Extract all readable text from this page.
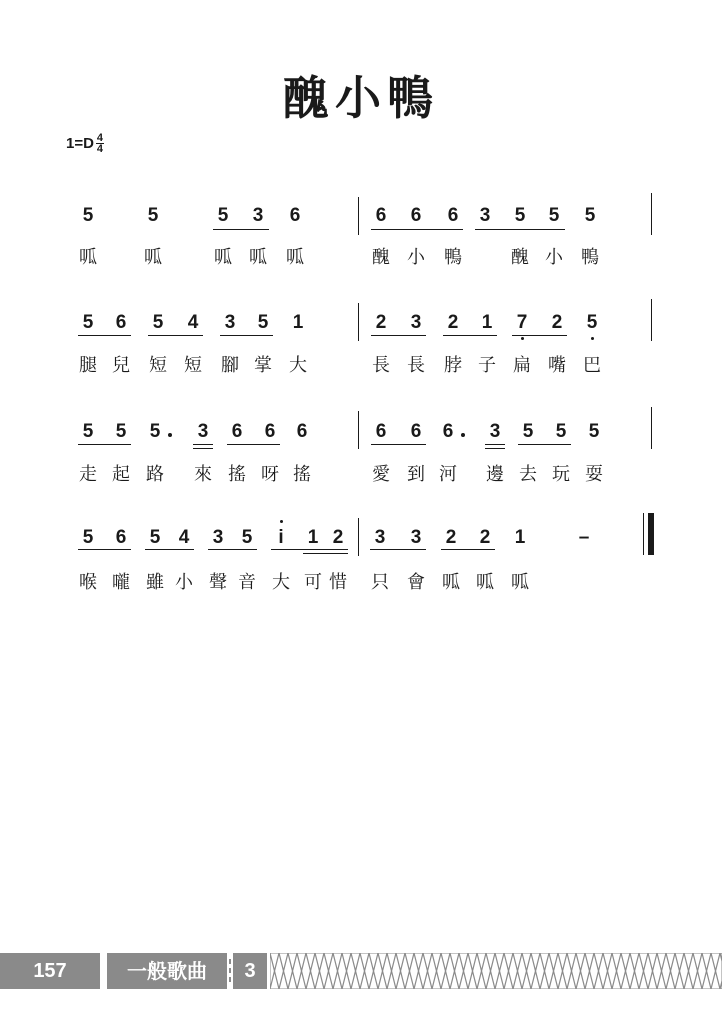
醜小鴨
$1=D \frac{4}{4}$
5	5	5 3 6	6 6 6 3 5 5 5
呱	呱	呱 呱 呱	醜 小 鴨	醜 小 鴨
5 6 5 4 3 5 1	2 3 2 1 7 2 5
腿 兒 短 短 腳 掌 大	長 長 脖 子 扁 嘴 巴
5 5 5 3 6 6 6	6 6 6 3 5 5 5
走 起 路 來 搖 呀 搖	愛 到 河 邊 去 玩 耍
5 6 5 4 3 5	i	1 2 3 3 2 2 1	–
喉 嚨 雖 小 聲 音 大 可 惜 只 會 呱 呱 呱
157	一般歌曲	3
